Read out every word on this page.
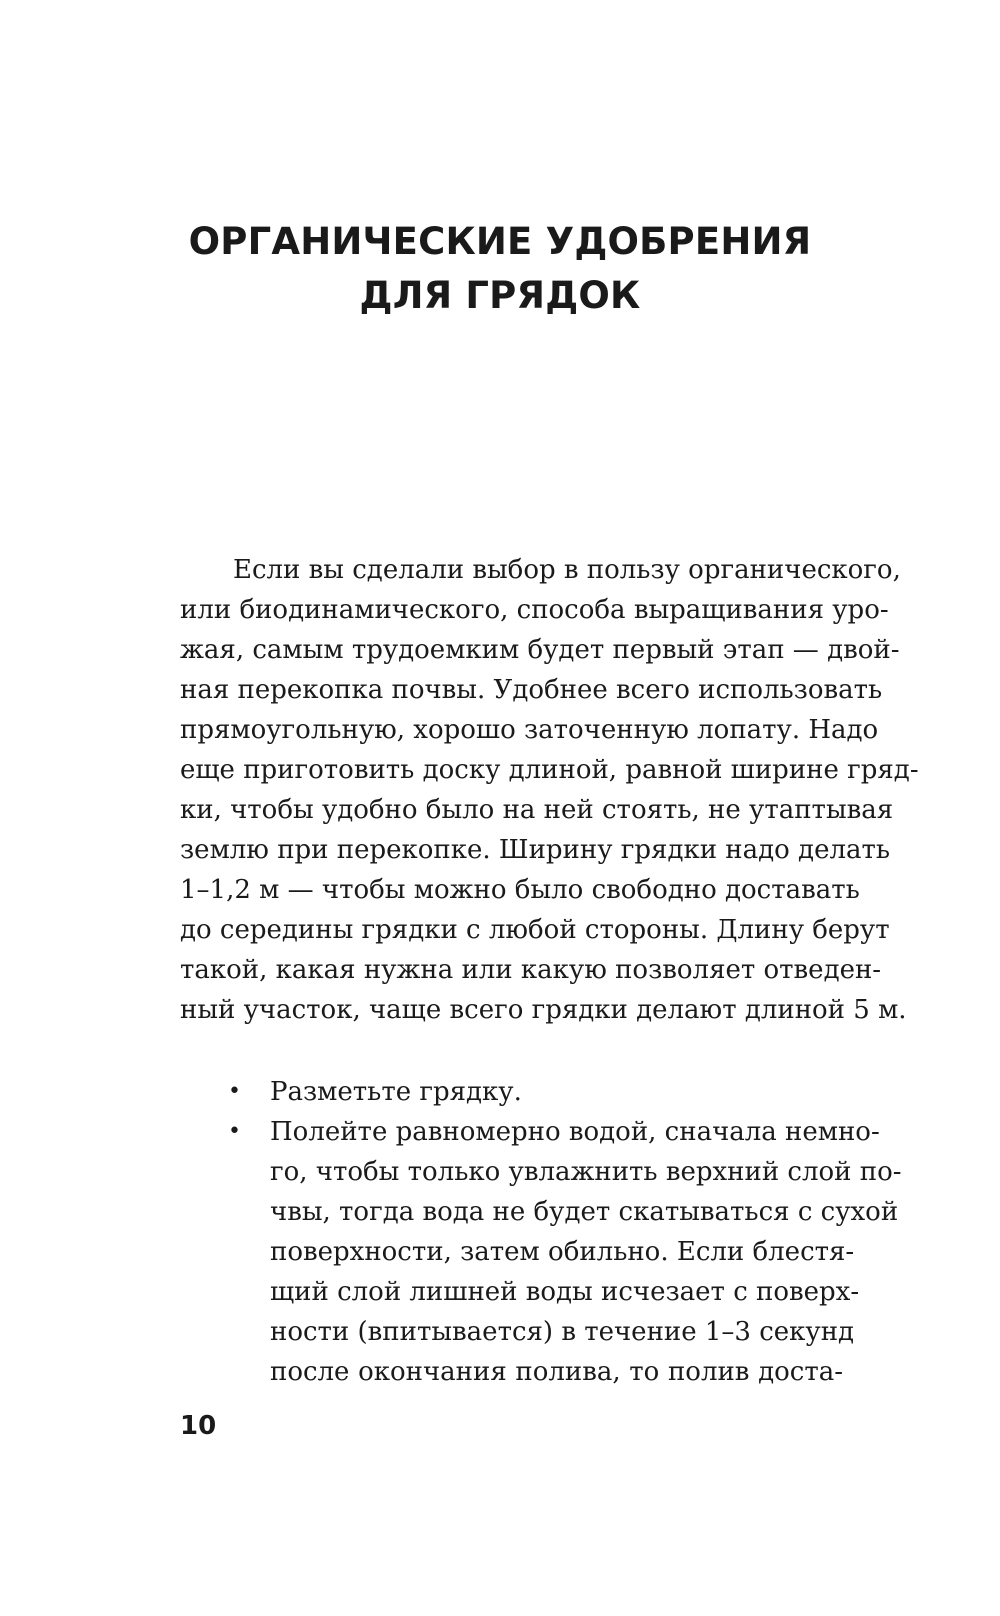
ОРГАНИЧЕСКИЕ УДОБРЕНИЯ
ДЛЯ ГРЯДОК
Если вы сделали выбор в пользу органического,
или биодинамического, способа выращивания уро-
жая, самым трудоемким будет первый этап — двой-
ная перекопка почвы. Удобнее всего использовать
прямоугольную, хорошо заточенную лопату. Надо
еще приготовить доску длиной, равной ширине гряд-
ки, чтобы удобно было на ней стоять, не утаптывая
землю при перекопке. Ширину грядки надо делать
1–1,2 м — чтобы можно было свободно доставать
до середины грядки с любой стороны. Длину берут
такой, какая нужна или какую позволяет отведен-
ный участок, чаще всего грядки делают длиной 5 м.
• Разметьте грядку.
• Полейте равномерно водой, сначала немно-
го, чтобы только увлажнить верхний слой по-
чвы, тогда вода не будет скатываться с сухой
поверхности, затем обильно. Если блестя-
щий слой лишней воды исчезает с поверх-
ности (впитывается) в течение 1–3 секунд
после окончания полива, то полив доста-
10
